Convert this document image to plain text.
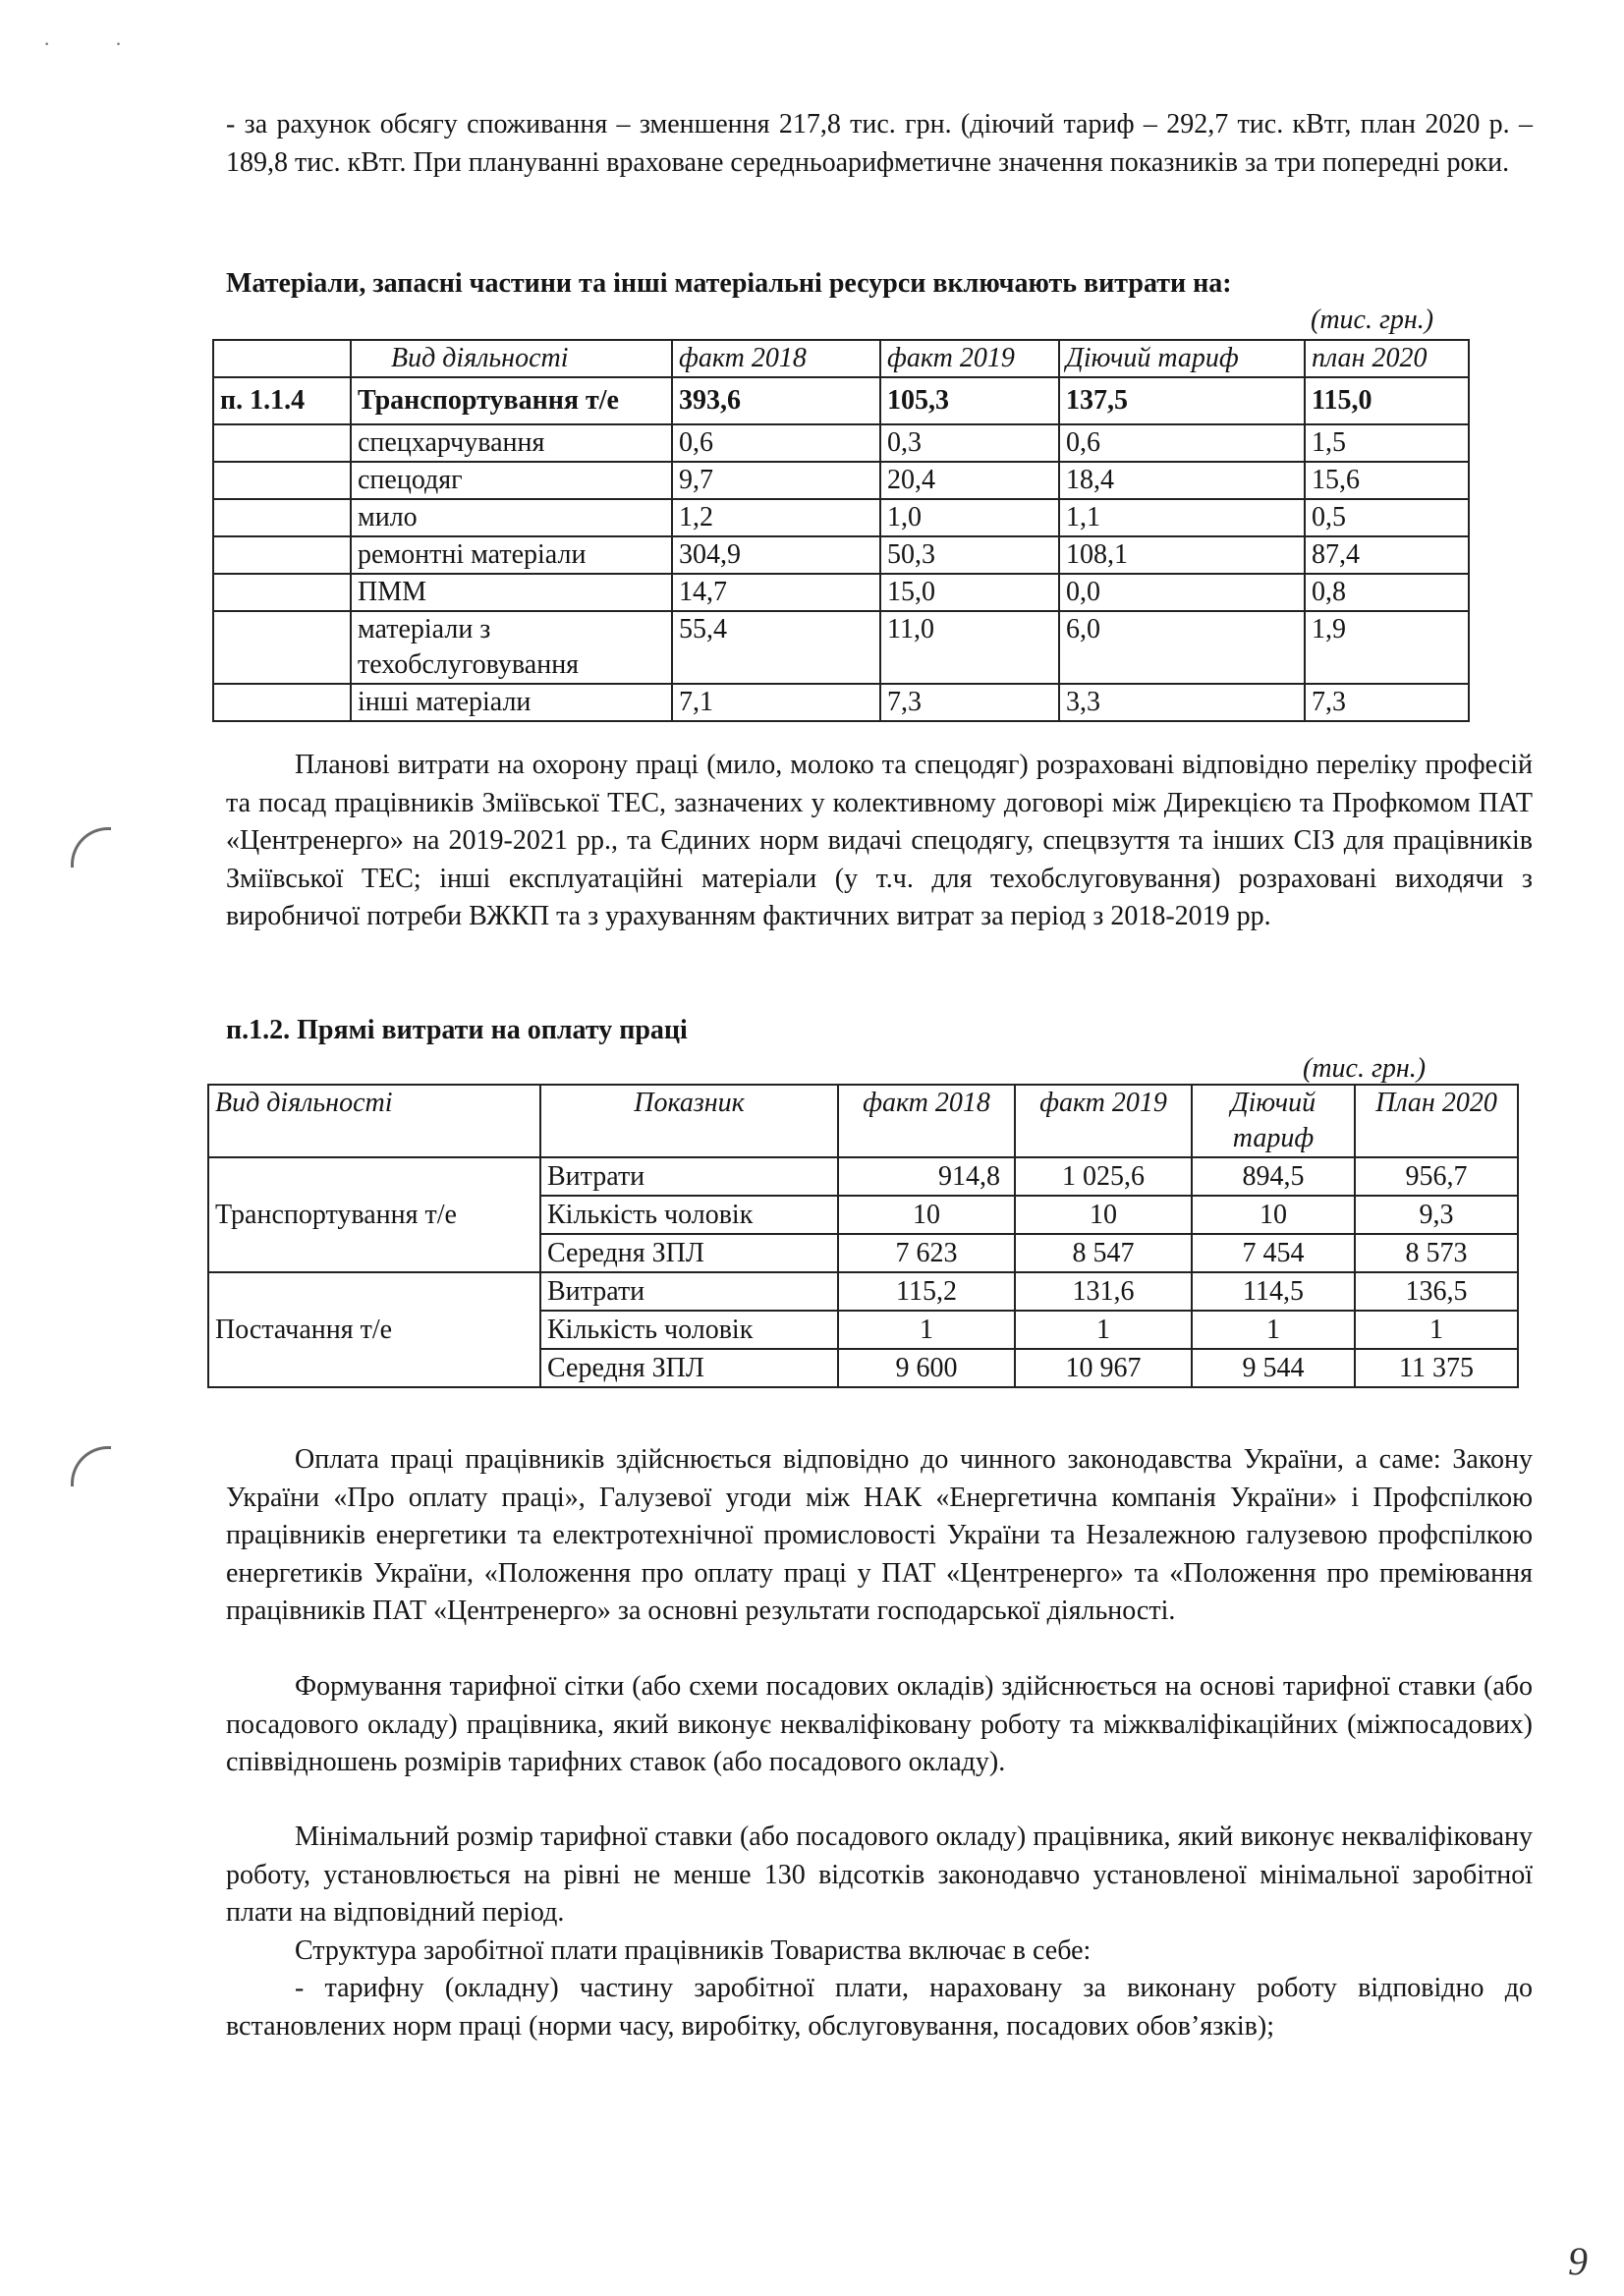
· ·

- за рахунок обсягу споживання – зменшення 217,8 тис. грн. (діючий тариф – 292,7 тис. кВтг, план 2020 р. – 189,8 тис. кВтг. При плануванні враховане середньоарифметичне значення показників за три попередні роки.

Матеріали, запасні частини та інші матеріальні ресурси включають витрати на:
(тис. грн.)
	Вид діяльності	факт 2018	факт 2019	Діючий тариф	план 2020
п. 1.1.4	Транспортування т/е	393,6	105,3	137,5	115,0
	спецхарчування	0,6	0,3	0,6	1,5
	спецодяг	9,7	20,4	18,4	15,6
	мило	1,2	1,0	1,1	0,5
	ремонтні матеріали	304,9	50,3	108,1	87,4
	ПММ	14,7	15,0	0,0	0,8
	матеріали з техобслуговування	55,4	11,0	6,0	1,9
	інші матеріали	7,1	7,3	3,3	7,3

Планові витрати на охорону праці (мило, молоко та спецодяг) розраховані відповідно переліку професій та посад працівників Зміївської ТЕС, зазначених у колективному договорі між Дирекцією та Профкомом ПАТ «Центренерго» на 2019-2021 рр., та Єдиних норм видачі спецодягу, спецвзуття та інших СІЗ для працівників Зміївської ТЕС; інші експлуатаційні матеріали (у т.ч. для техобслуговування) розраховані виходячи з виробничої потреби ВЖКП та з урахуванням фактичних витрат за період з 2018-2019 рр.

п.1.2. Прямі витрати на оплату праці
(тис. грн.)
Вид діяльності	Показник	факт 2018	факт 2019	Діючий тариф	План 2020
Транспортування т/е	Витрати	914,8	1 025,6	894,5	956,7
	Кількість чоловік	10	10	10	9,3
	Середня ЗПЛ	7 623	8 547	7 454	8 573
Постачання т/е	Витрати	115,2	131,6	114,5	136,5
	Кількість чоловік	1	1	1	1
	Середня ЗПЛ	9 600	10 967	9 544	11 375

Оплата праці працівників здійснюється відповідно до чинного законодавства України, а саме: Закону України «Про оплату праці», Галузевої угоди між НАК «Енергетична компанія України» і Профспілкою працівників енергетики та електротехнічної промисловості України та Незалежною галузевою профспілкою енергетиків України, «Положення про оплату праці у ПАТ «Центренерго» та «Положення про преміювання працівників ПАТ «Центренерго» за основні результати господарської діяльності.

Формування тарифної сітки (або схеми посадових окладів) здійснюється на основі тарифної ставки (або посадового окладу) працівника, який виконує некваліфіковану роботу та міжкваліфікаційних (міжпосадових) співвідношень розмірів тарифних ставок (або посадового окладу).

Мінімальний розмір тарифної ставки (або посадового окладу) працівника, який виконує некваліфіковану роботу, установлюється на рівні не менше 130 відсотків законодавчо установленої мінімальної заробітної плати на відповідний період.

Структура заробітної плати працівників Товариства включає в себе:

- тарифну (окладну) частину заробітної плати, нараховану за виконану роботу відповідно до встановлених норм праці (норми часу, виробітку, обслуговування, посадових обов’язків);

9
